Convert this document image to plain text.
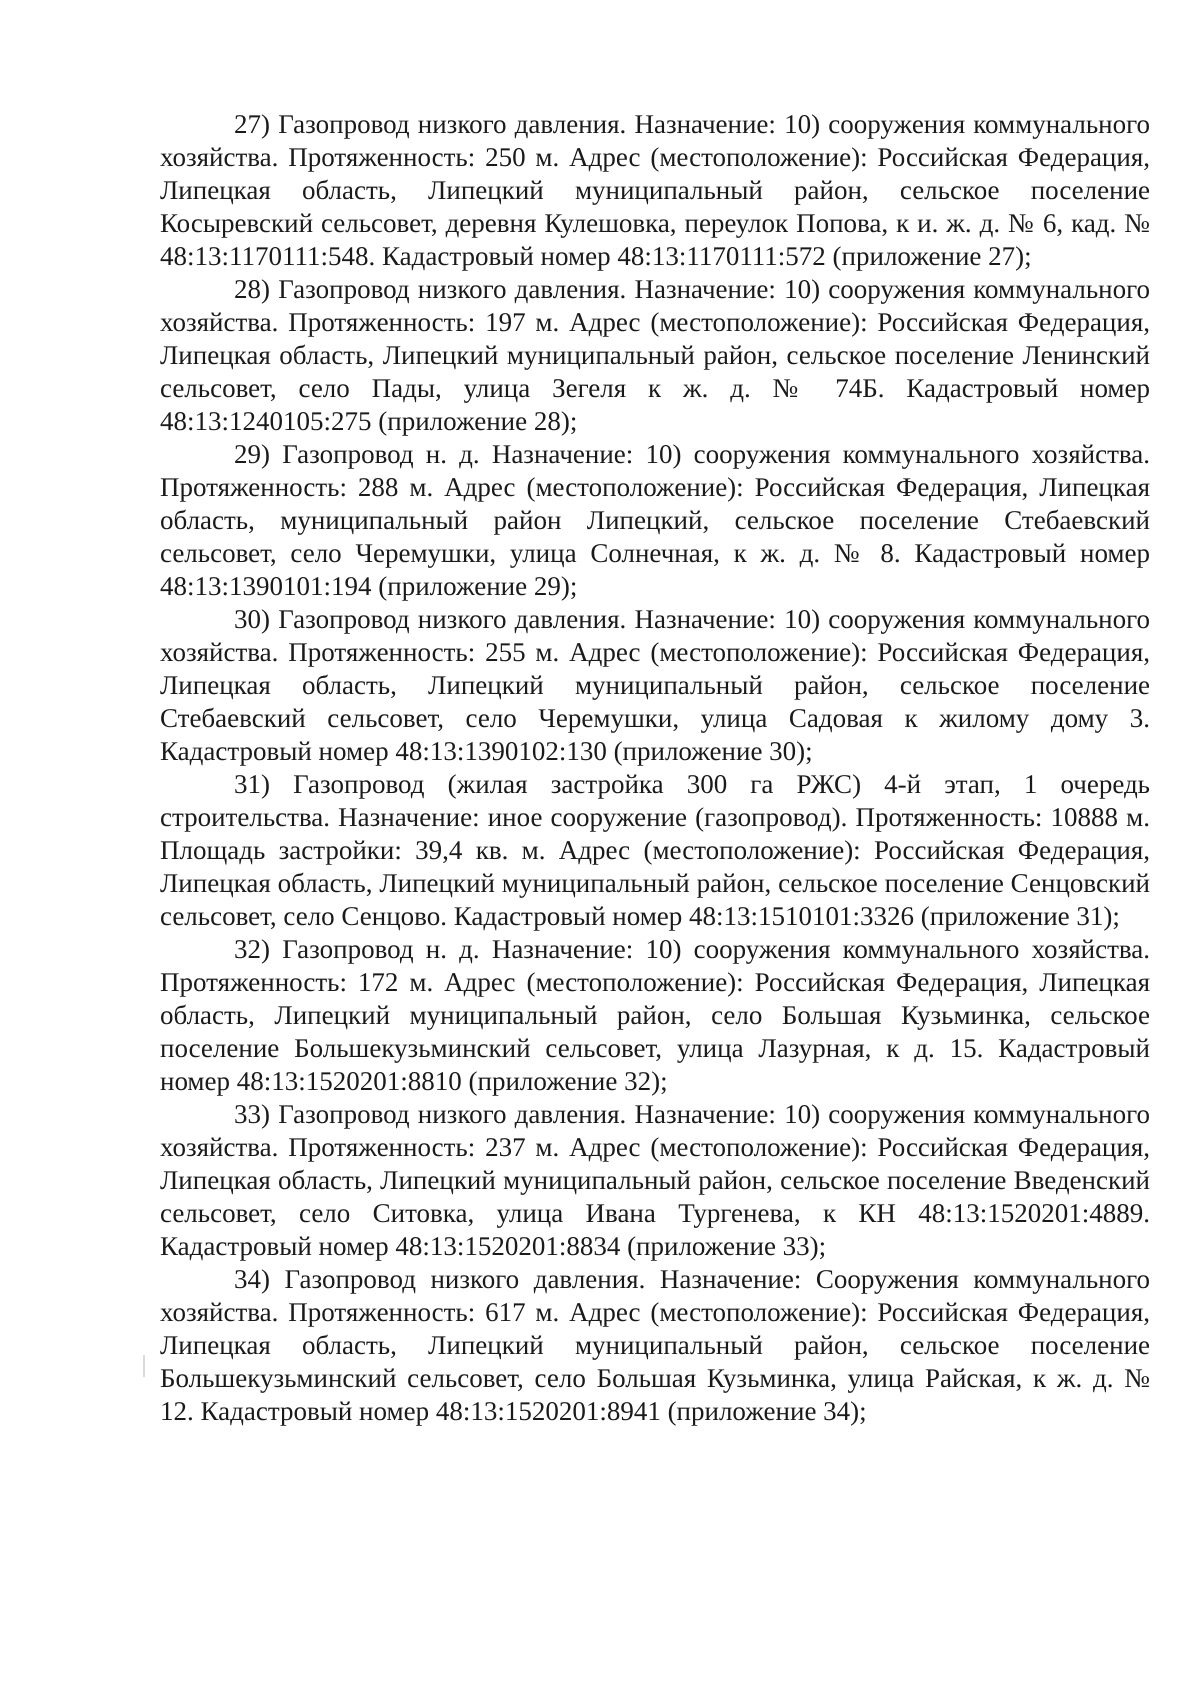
27) Газопровод низкого давления. Назначение: 10) сооружения коммунального хозяйства. Протяженность: 250 м. Адрес (местоположение): Российская Федерация, Липецкая область, Липецкий муниципальный район, сельское поселение Косыревский сельсовет, деревня Кулешовка, переулок Попова, к и. ж. д. № 6, кад. № 48:13:1170111:548. Кадастровый номер 48:13:1170111:572 (приложение 27);

28) Газопровод низкого давления. Назначение: 10) сооружения коммунального хозяйства. Протяженность: 197 м. Адрес (местоположение): Российская Федерация, Липецкая область, Липецкий муниципальный район, сельское поселение Ленинский сельсовет, село Пады, улица Зегеля к ж. д. № 74Б. Кадастровый номер 48:13:1240105:275 (приложение 28);

29) Газопровод н. д. Назначение: 10) сооружения коммунального хозяйства. Протяженность: 288 м. Адрес (местоположение): Российская Федерация, Липецкая область, муниципальный район Липецкий, сельское поселение Стебаевский сельсовет, село Черемушки, улица Солнечная, к ж. д. № 8. Кадастровый номер 48:13:1390101:194 (приложение 29);

30) Газопровод низкого давления. Назначение: 10) сооружения коммунального хозяйства. Протяженность: 255 м. Адрес (местоположение): Российская Федерация, Липецкая область, Липецкий муниципальный район, сельское поселение Стебаевский сельсовет, село Черемушки, улица Садовая к жилому дому 3. Кадастровый номер 48:13:1390102:130 (приложение 30);

31) Газопровод (жилая застройка 300 га РЖС) 4-й этап, 1 очередь строительства. Назначение: иное сооружение (газопровод). Протяженность: 10888 м. Площадь застройки: 39,4 кв. м. Адрес (местоположение): Российская Федерация, Липецкая область, Липецкий муниципальный район, сельское поселение Сенцовский сельсовет, село Сенцово. Кадастровый номер 48:13:1510101:3326 (приложение 31);

32) Газопровод н. д. Назначение: 10) сооружения коммунального хозяйства. Протяженность: 172 м. Адрес (местоположение): Российская Федерация, Липецкая область, Липецкий муниципальный район, село Большая Кузьминка, сельское поселение Большекузьминский сельсовет, улица Лазурная, к д. 15. Кадастровый номер 48:13:1520201:8810 (приложение 32);

33) Газопровод низкого давления. Назначение: 10) сооружения коммунального хозяйства. Протяженность: 237 м. Адрес (местоположение): Российская Федерация, Липецкая область, Липецкий муниципальный район, сельское поселение Введенский сельсовет, село Ситовка, улица Ивана Тургенева, к КН 48:13:1520201:4889. Кадастровый номер 48:13:1520201:8834 (приложение 33);

34) Газопровод низкого давления. Назначение: Сооружения коммунального хозяйства. Протяженность: 617 м. Адрес (местоположение): Российская Федерация, Липецкая область, Липецкий муниципальный район, сельское поселение Большекузьминский сельсовет, село Большая Кузьминка, улица Райская, к ж. д. № 12. Кадастровый номер 48:13:1520201:8941 (приложение 34);
